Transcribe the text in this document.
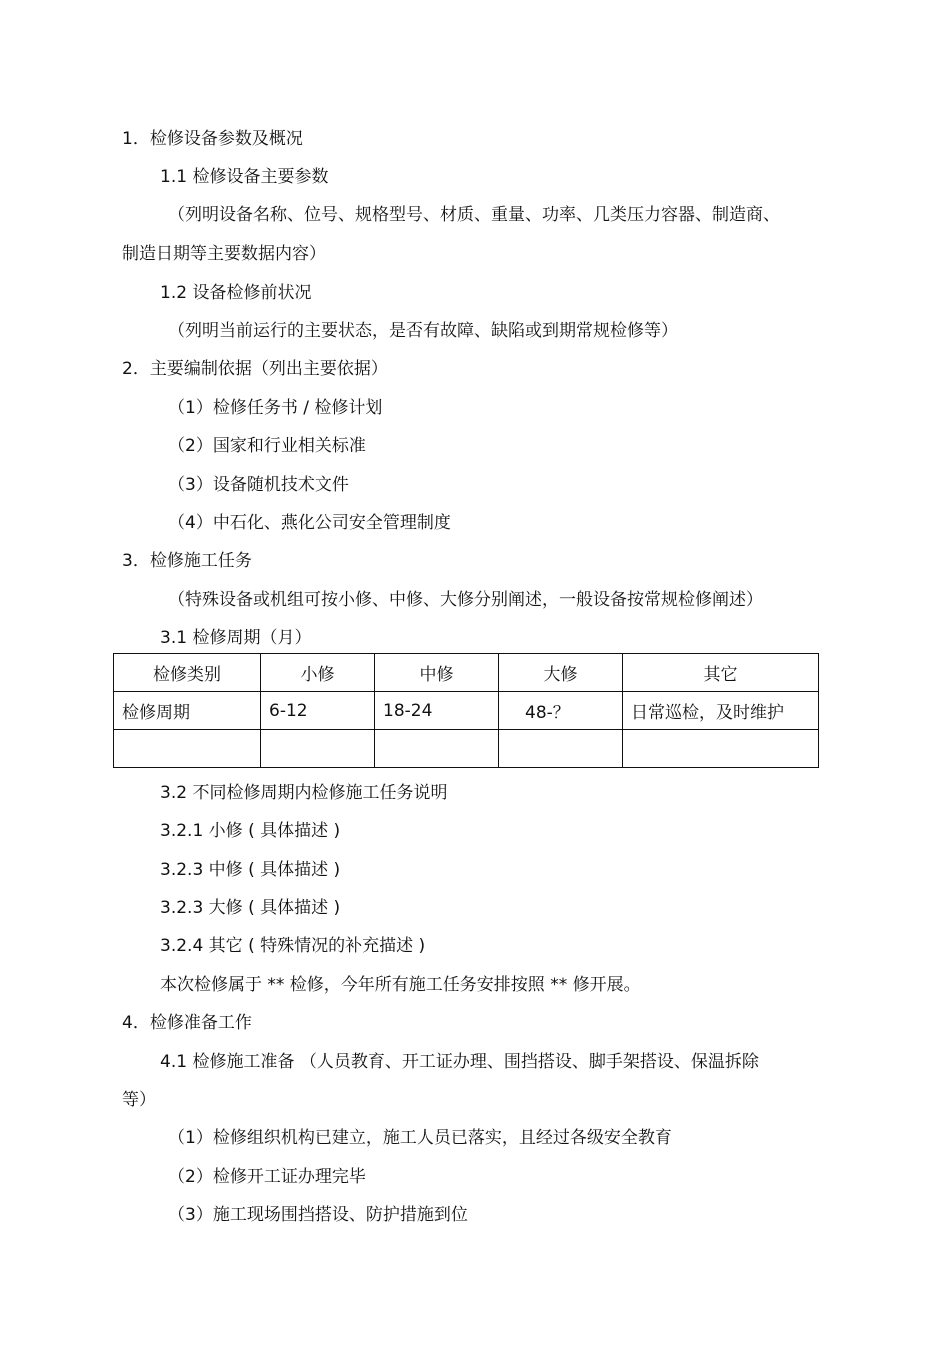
1．检修设备参数及概况
1.1 检修设备主要参数
（列明设备名称、位号、规格型号、材质、重量、功率、几类压力容器、制造商、
制造日期等主要数据内容）
1.2 设备检修前状况
（列明当前运行的主要状态，是否有故障、缺陷或到期常规检修等）
2．主要编制依据（列出主要依据）
（1）检修任务书 / 检修计划
（2）国家和行业相关标准
（3）设备随机技术文件
（4）中石化、燕化公司安全管理制度
3．检修施工任务
（特殊设备或机组可按小修、中修、大修分别阐述，一般设备按常规检修阐述）
3.1 检修周期（月）
检修类别	小修	中修	大修	其它
检修周期	6-12	18-24	48-？	日常巡检，及时维护

3.2 不同检修周期内检修施工任务说明
3.2.1 小修 ( 具体描述 )
3.2.3 中修 ( 具体描述 )
3.2.3 大修 ( 具体描述 )
3.2.4 其它 ( 特殊情况的补充描述 )
本次检修属于 ** 检修，今年所有施工任务安排按照 ** 修开展。
4．检修准备工作
4.1 检修施工准备 （人员教育、开工证办理、围挡搭设、脚手架搭设、保温拆除
等）
（1）检修组织机构已建立，施工人员已落实，且经过各级安全教育
（2）检修开工证办理完毕
（3）施工现场围挡搭设、防护措施到位
